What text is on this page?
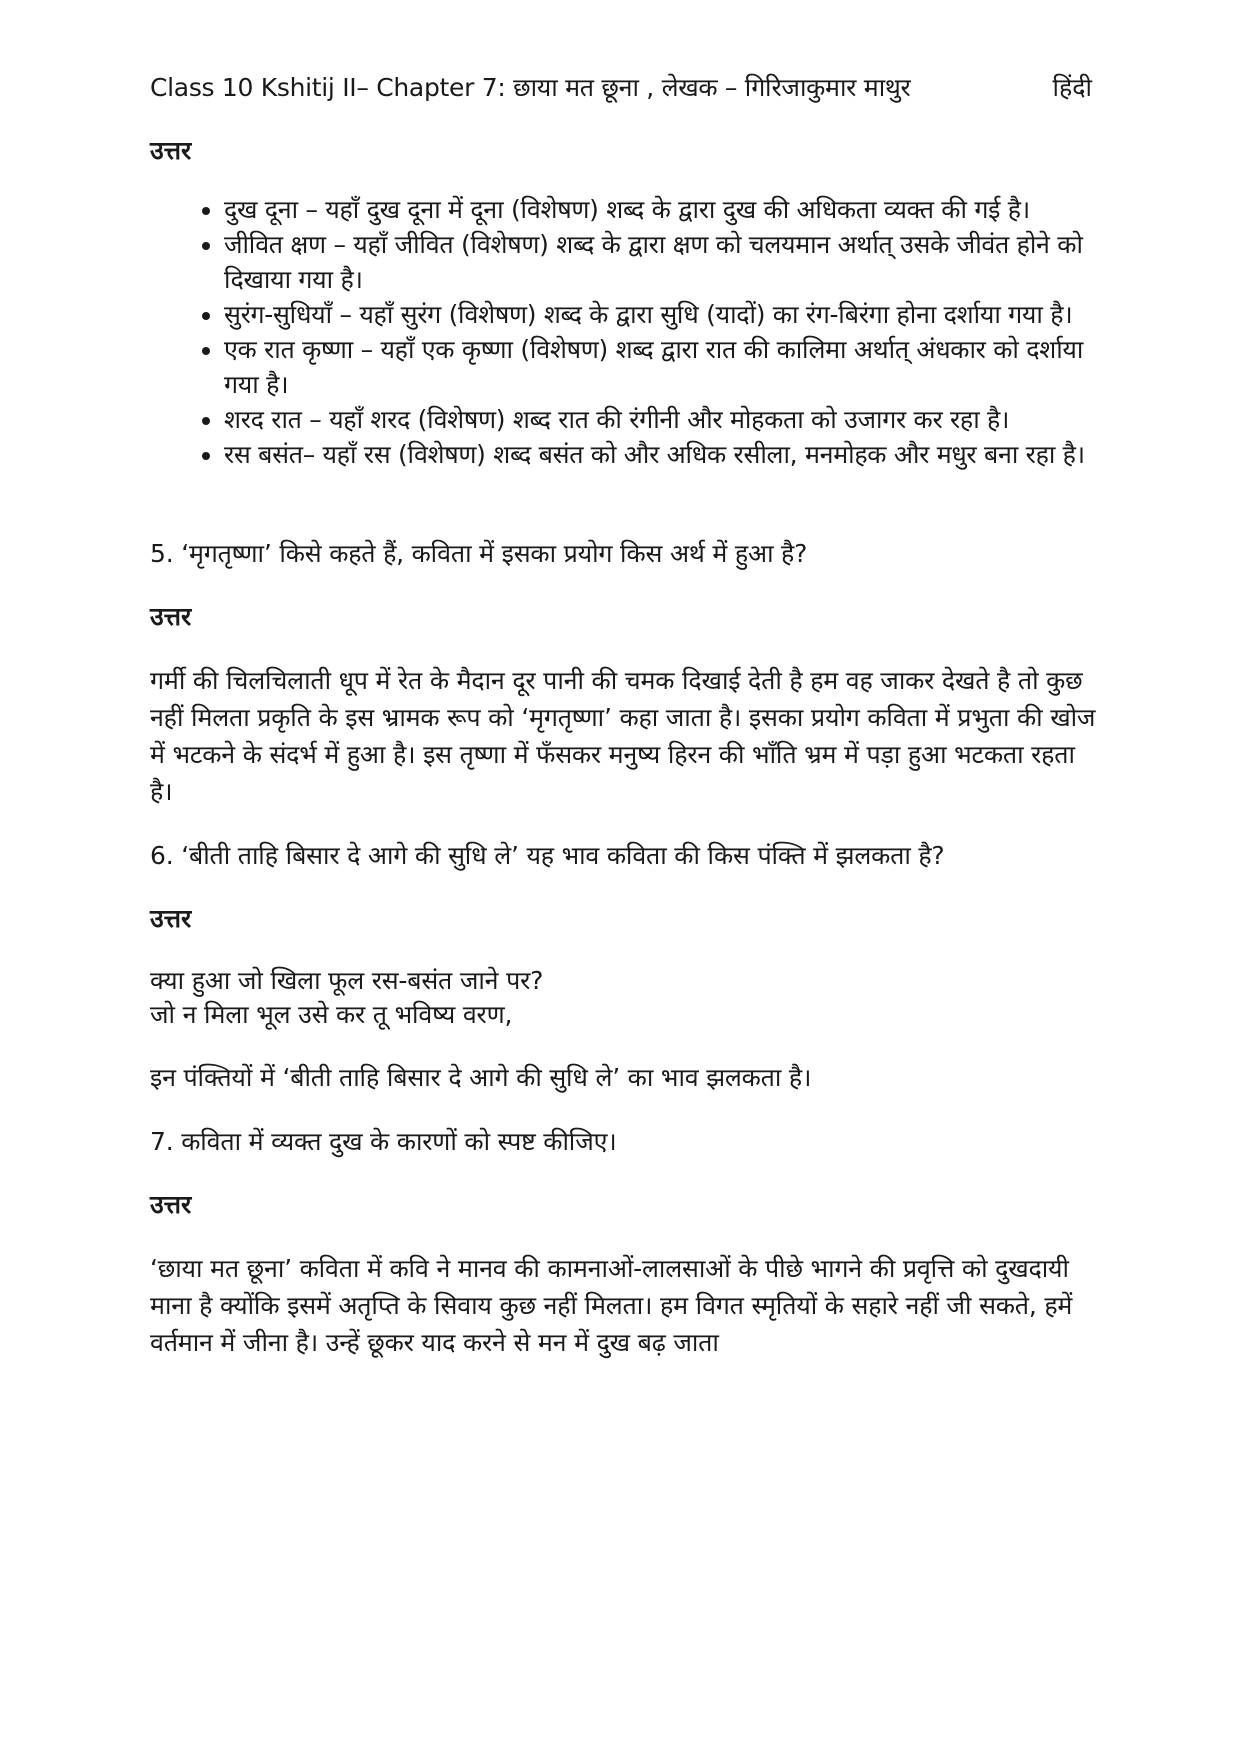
Class 10 Kshitij II– Chapter 7: छाया मत छूना , लेखक – गिरिजाकुमार माथुर	हिंदी

उत्तर

• दुख दूना – यहाँ दुख दूना में दूना (विशेषण) शब्द के द्वारा दुख की अधिकता व्यक्त की गई है।
• जीवित क्षण – यहाँ जीवित (विशेषण) शब्द के द्वारा क्षण को चलयमान अर्थात् उसके जीवंत होने को दिखाया गया है।
• सुरंग-सुधियाँ – यहाँ सुरंग (विशेषण) शब्द के द्वारा सुधि (यादों) का रंग-बिरंगा होना दर्शाया गया है।
• एक रात कृष्णा – यहाँ एक कृष्णा (विशेषण) शब्द द्वारा रात की कालिमा अर्थात् अंधकार को दर्शाया गया है।
• शरद रात – यहाँ शरद (विशेषण) शब्द रात की रंगीनी और मोहकता को उजागर कर रहा है।
• रस बसंत– यहाँ रस (विशेषण) शब्द बसंत को और अधिक रसीला, मनमोहक और मधुर बना रहा है।

5. ‘मृगतृष्णा’ किसे कहते हैं, कविता में इसका प्रयोग किस अर्थ में हुआ है?

उत्तर

गर्मी की चिलचिलाती धूप में रेत के मैदान दूर पानी की चमक दिखाई देती है हम वह जाकर देखते है तो कुछ नहीं मिलता प्रकृति के इस भ्रामक रूप को ‘मृगतृष्णा’ कहा जाता है। इसका प्रयोग कविता में प्रभुता की खोज में भटकने के संदर्भ में हुआ है। इस तृष्णा में फँसकर मनुष्य हिरन की भाँति भ्रम में पड़ा हुआ भटकता रहता है।

6. ‘बीती ताहि बिसार दे आगे की सुधि ले’ यह भाव कविता की किस पंक्ति में झलकता है?

उत्तर

क्या हुआ जो खिला फूल रस-बसंत जाने पर?

जो न मिला भूल उसे कर तू भविष्य वरण,

इन पंक्तियों में ‘बीती ताहि बिसार दे आगे की सुधि ले’ का भाव झलकता है।

7. कविता में व्यक्त दुख के कारणों को स्पष्ट कीजिए।

उत्तर

‘छाया मत छूना’ कविता में कवि ने मानव की कामनाओं-लालसाओं के पीछे भागने की प्रवृत्ति को दुखदायी माना है क्योंकि इसमें अतृप्ति के सिवाय कुछ नहीं मिलता। हम विगत स्मृतियों के सहारे नहीं जी सकते, हमें वर्तमान में जीना है। उन्हें छूकर याद करने से मन में दुख बढ़ जाता
